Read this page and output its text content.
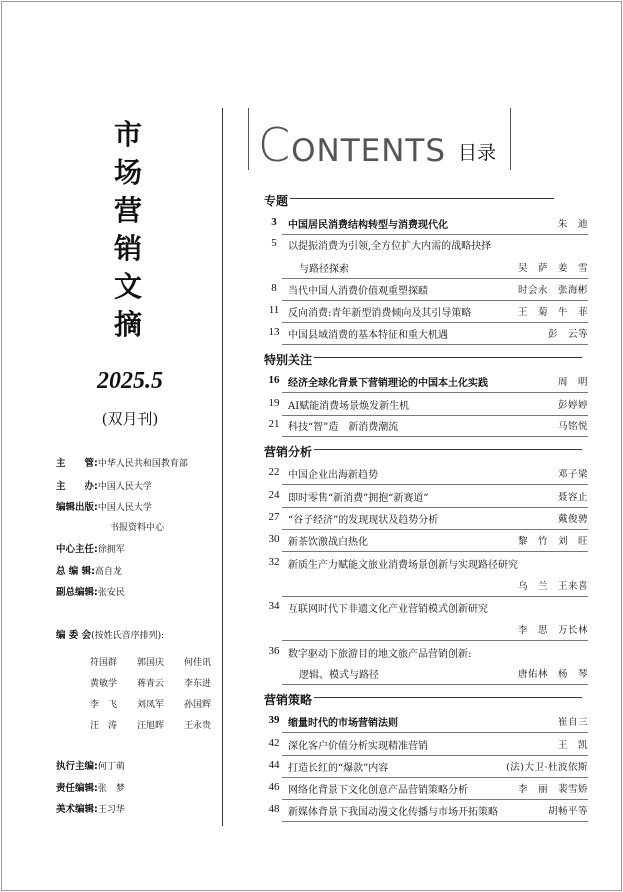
市
场
营
销
文
摘
2025.5
(双月刊)
主　　管:中华人民共和国教育部
主　　办:中国人民大学
编辑出版:中国人民大学
书报资料中心
中心主任:徐拥军
总 编 辑:高自龙
副总编辑:张安民
编 委 会(按姓氏音序排列):
符国群 郭国庆 何佳讯
黄敏学 蒋青云 李东进
李　飞 刘凤军 孙国辉
汪　涛 汪旭晖 王永贵
执行主编:何丁萌
责任编辑:张　梦
美术编辑:王习华
CONTENTS 目录
专题
3	中国居民消费结构转型与消费现代化	朱　迪
5	以提振消费为引领,全方位扩大内需的战略抉择
与路径探索	吴　萨　姜　雪
8	当代中国人消费价值观重塑探赜	时会永　张海彬
11 反向消费:青年新型消费倾向及其引导策略	王　菊　牛　菲
13 中国县域消费的基本特征和重大机遇	彭　云等
特别关注
16 经济全球化背景下营销理论的中国本土化实践	周　明
19 AI赋能消费场景焕发新生机	彭婷婷
21 科技“智”造　新消费潮流	马铭悦
营销分析
22 中国企业出海新趋势	邓子梁
24 即时零售“新消费”拥抱“新赛道”	聂容止
27 “谷子经济”的发现现状及趋势分析	戴俊骋
30 新茶饮激战白热化	黎　竹　刘　旺
32 新质生产力赋能文旅业消费场景创新与实现路径研究
乌　兰　王来喜
34 互联网时代下非遗文化产业营销模式创新研究
李　思　万长林
36 数字驱动下旅游目的地文旅产品营销创新:
逻辑、模式与路径	唐佑林　杨　琴
营销策略
39 缩量时代的市场营销法则	崔自三
42 深化客户价值分析实现精准营销	王　凯
44 打造长红的“爆款”内容	(法)大卫·杜波依斯
46 网络化背景下文化创意产品营销策略分析	李　丽　裴雪娇
48 新媒体背景下我国动漫文化传播与市场开拓策略	胡畅平等
